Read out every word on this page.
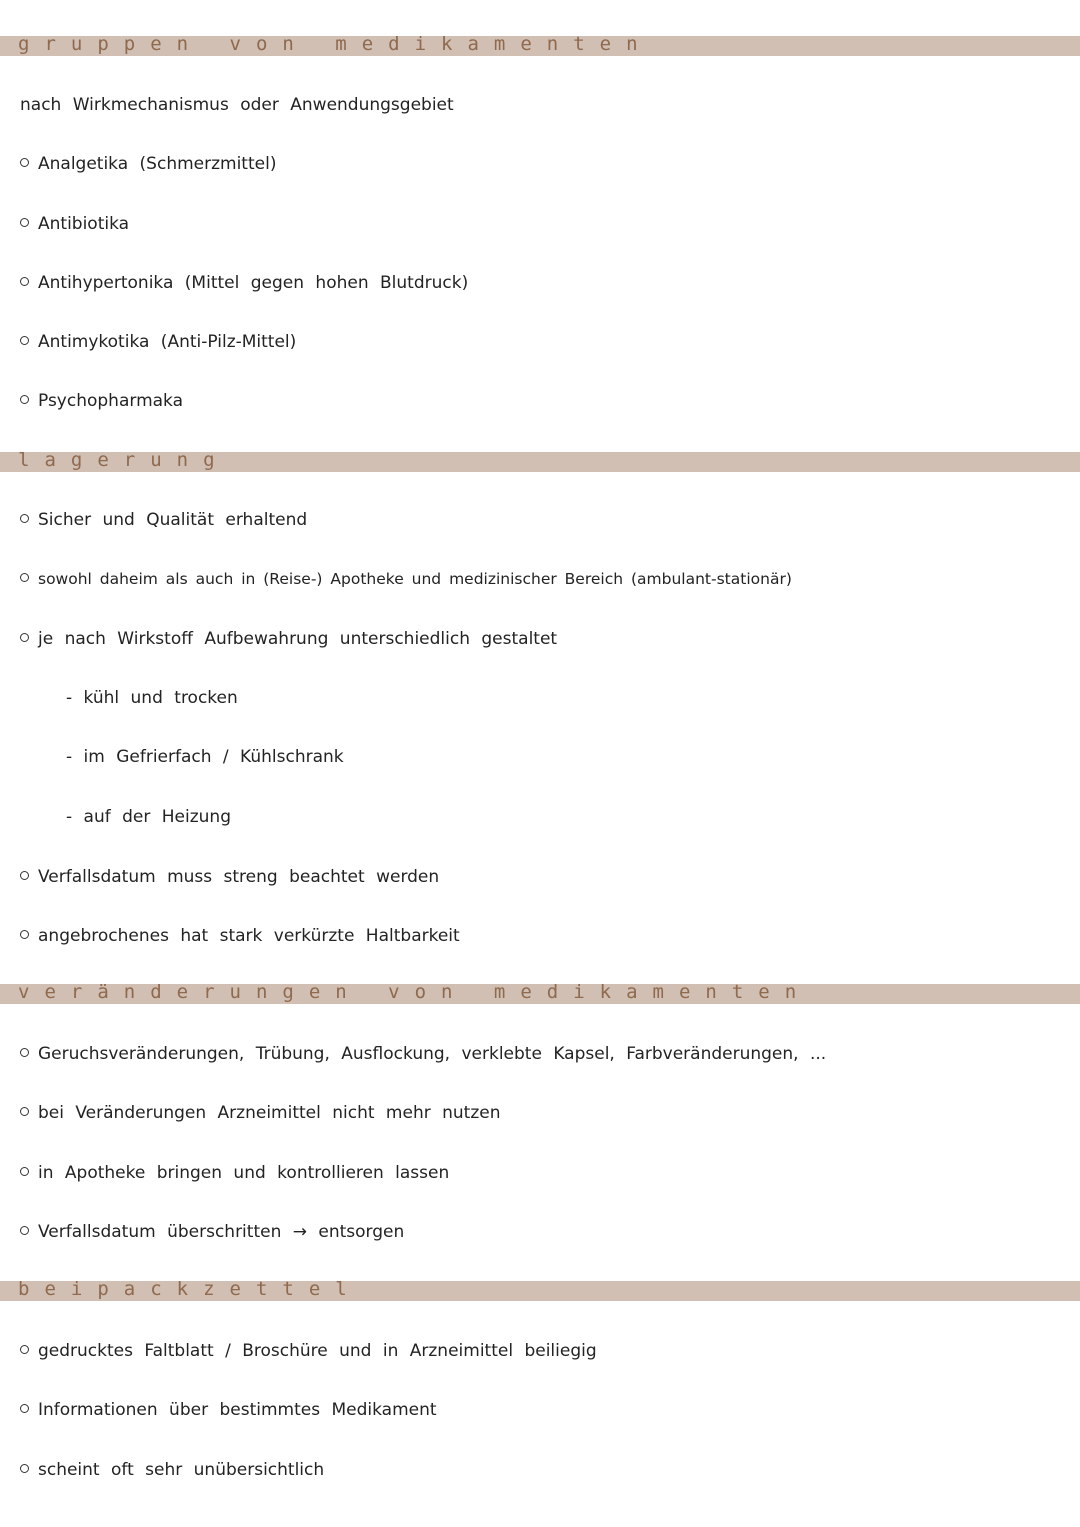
gruppen von medikamenten
nach Wirkmechanismus oder Anwendungsgebiet
Analgetika (Schmerzmittel)
Antibiotika
Antihypertonika (Mittel gegen hohen Blutdruck)
Antimykotika (Anti-Pilz-Mittel)
Psychopharmaka
lagerung
Sicher und Qualität erhaltend
sowohl daheim als auch in (Reise-) Apotheke und medizinischer Bereich (ambulant-stationär)
je nach Wirkstoff Aufbewahrung unterschiedlich gestaltet
- kühl und trocken
- im Gefrierfach / Kühlschrank
- auf der Heizung
Verfallsdatum muss streng beachtet werden
angebrochenes hat stark verkürzte Haltbarkeit
veränderungen von medikamenten
Geruchsveränderungen, Trübung, Ausflockung, verklebte Kapsel, Farbveränderungen, ...
bei Veränderungen Arzneimittel nicht mehr nutzen
in Apotheke bringen und kontrollieren lassen
Verfallsdatum überschritten → entsorgen
beipackzettel
gedrucktes Faltblatt / Broschüre und in Arzneimittel beiliegig
Informationen über bestimmtes Medikament
scheint oft sehr unübersichtlich
